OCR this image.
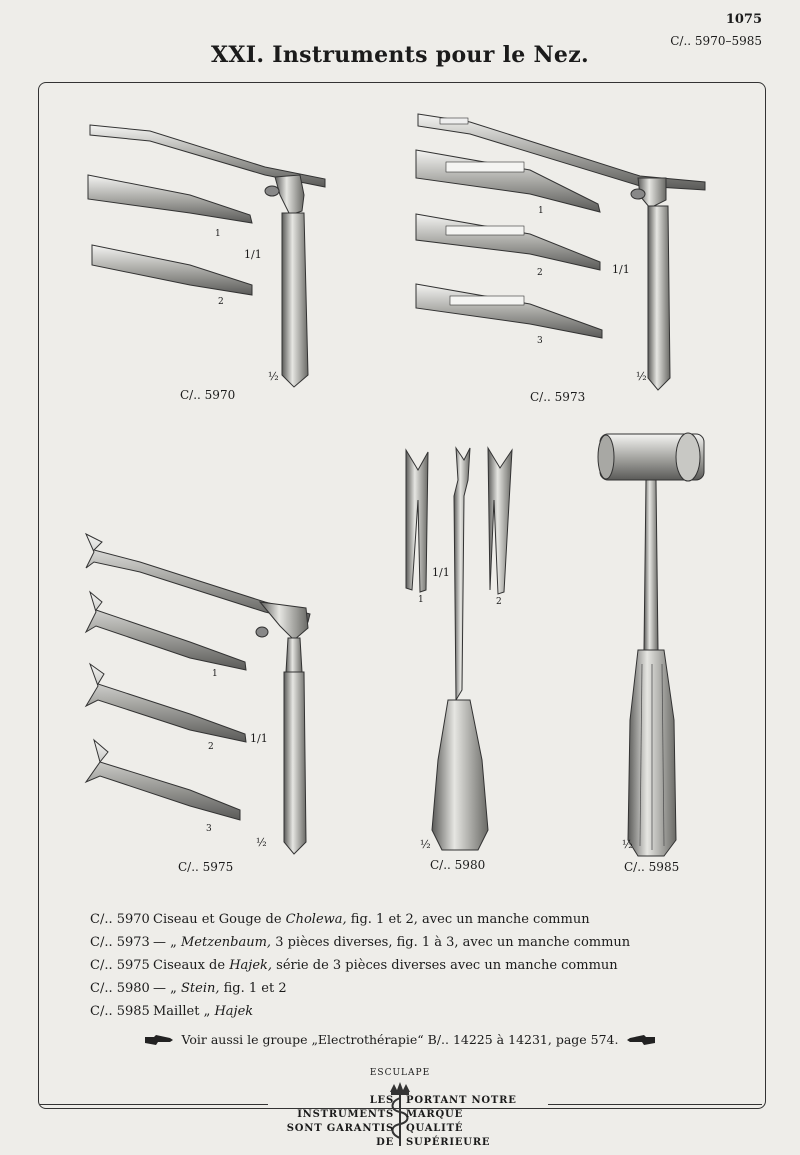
1075
C/.. 5970–5985
XXI. Instruments pour le Nez.
1
2
1/1
½
C/.. 5970
1
2
3
1/1
½
C/.. 5973
1
2
3
1/1
½
C/.. 5975
1	2
1/1
½
C/.. 5980
½
C/.. 5985
C/.. 5970 Ciseau et Gouge de Cholewa, fig. 1 et 2, avec un manche commun
C/.. 5973 — „ Metzenbaum, 3 pièces diverses, fig. 1 à 3, avec un manche commun
C/.. 5975 Ciseaux de Hajek, série de 3 pièces diverses avec un manche commun
C/.. 5980 — „ Stein, fig. 1 et 2
C/.. 5985 Maillet „ Hajek
Voir aussi le groupe „Electrothérapie“ B/.. 14225 à 14231, page 574.
ESCULAPE
LES INSTRUMENTS
SONT GARANTIS DE
PORTANT NOTRE MARQUE
QUALITÉ SUPÉRIEURE
